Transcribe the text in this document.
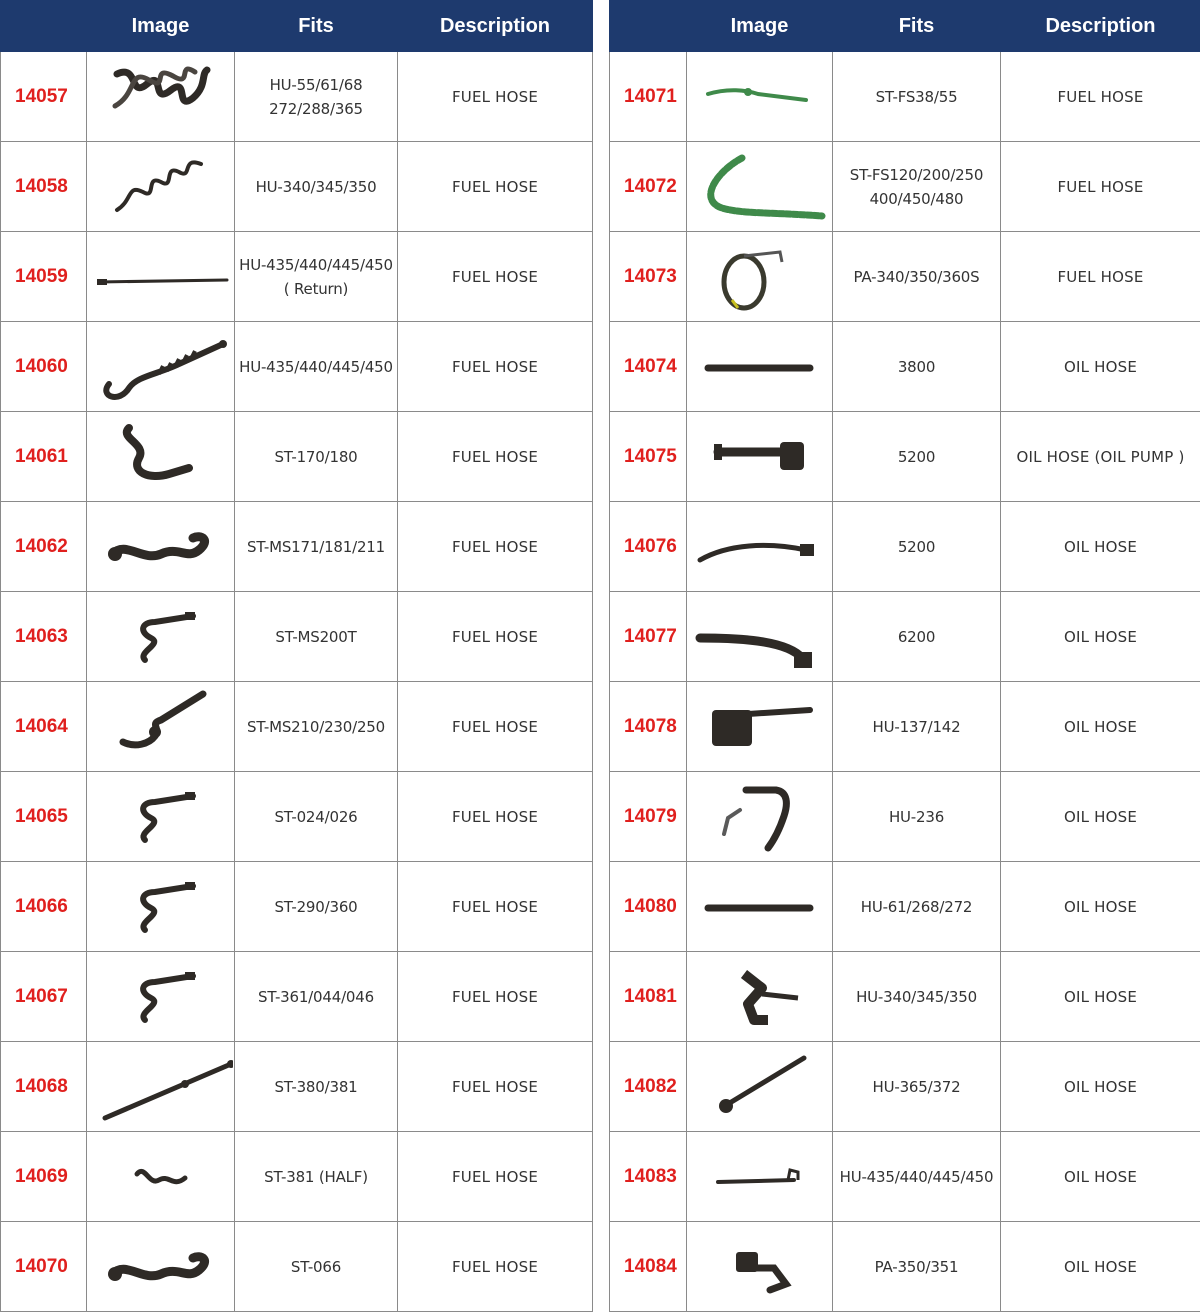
	Image	Fits	Description
14057		HU-55/61/68
272/288/365	FUEL HOSE
14058		HU-340/345/350	FUEL HOSE
14059		HU-435/440/445/450
( Return)	FUEL HOSE
14060		HU-435/440/445/450	FUEL HOSE
14061		ST-170/180	FUEL HOSE
14062		ST-MS171/181/211	FUEL HOSE
14063		ST-MS200T	FUEL HOSE
14064		ST-MS210/230/250	FUEL HOSE
14065		ST-024/026	FUEL HOSE
14066		ST-290/360	FUEL HOSE
14067		ST-361/044/046	FUEL HOSE
14068		ST-380/381	FUEL HOSE
14069		ST-381 (HALF)	FUEL HOSE
14070		ST-066	FUEL HOSE
	Image	Fits	Description
14071		ST-FS38/55	FUEL HOSE
14072		ST-FS120/200/250
400/450/480	FUEL HOSE
14073		PA-340/350/360S	FUEL HOSE
14074		3800	OIL HOSE
14075		5200	OIL HOSE (OIL PUMP )
14076		5200	OIL HOSE
14077		6200	OIL HOSE
14078		HU-137/142	OIL HOSE
14079		HU-236	OIL HOSE
14080		HU-61/268/272	OIL HOSE
14081		HU-340/345/350	OIL HOSE
14082		HU-365/372	OIL HOSE
14083		HU-435/440/445/450	OIL HOSE
14084		PA-350/351	OIL HOSE
